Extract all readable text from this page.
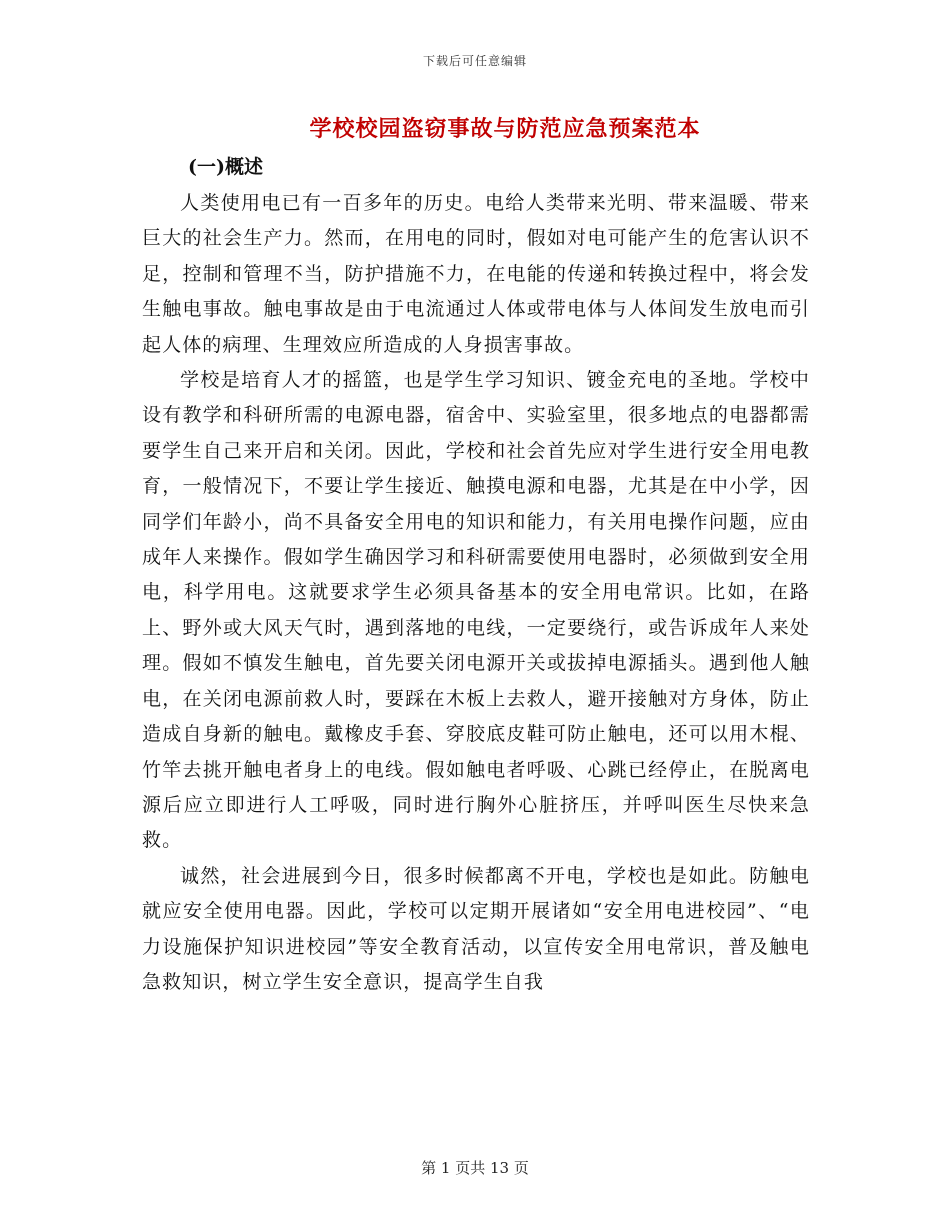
下载后可任意编辑
学校校园盗窃事故与防范应急预案范本
(一)概述

人类使用电已有一百多年的历史。电给人类带来光明、带来温暖、带来巨大的社会生产力。然而，在用电的同时，假如对电可能产生的危害认识不足，控制和管理不当，防护措施不力，在电能的传递和转换过程中，将会发生触电事故。触电事故是由于电流通过人体或带电体与人体间发生放电而引起人体的病理、生理效应所造成的人身损害事故。

学校是培育人才的摇篮，也是学生学习知识、镀金充电的圣地。学校中设有教学和科研所需的电源电器，宿舍中、实验室里，很多地点的电器都需要学生自己来开启和关闭。因此，学校和社会首先应对学生进行安全用电教育，一般情况下，不要让学生接近、触摸电源和电器，尤其是在中小学，因同学们年龄小，尚不具备安全用电的知识和能力，有关用电操作问题，应由成年人来操作。假如学生确因学习和科研需要使用电器时，必须做到安全用电，科学用电。这就要求学生必须具备基本的安全用电常识。比如，在路上、野外或大风天气时，遇到落地的电线，一定要绕行，或告诉成年人来处理。假如不慎发生触电，首先要关闭电源开关或拔掉电源插头。遇到他人触电，在关闭电源前救人时，要踩在木板上去救人，避开接触对方身体，防止造成自身新的触电。戴橡皮手套、穿胶底皮鞋可防止触电，还可以用木棍、竹竿去挑开触电者身上的电线。假如触电者呼吸、心跳已经停止，在脱离电源后应立即进行人工呼吸，同时进行胸外心脏挤压，并呼叫医生尽快来急救。

诚然，社会进展到今日，很多时候都离不开电，学校也是如此。防触电就应安全使用电器。因此，学校可以定期开展诸如“安全用电进校园”、“电力设施保护知识进校园”等安全教育活动，以宣传安全用电常识，普及触电急救知识，树立学生安全意识，提高学生自我

第 1 页共 13 页
